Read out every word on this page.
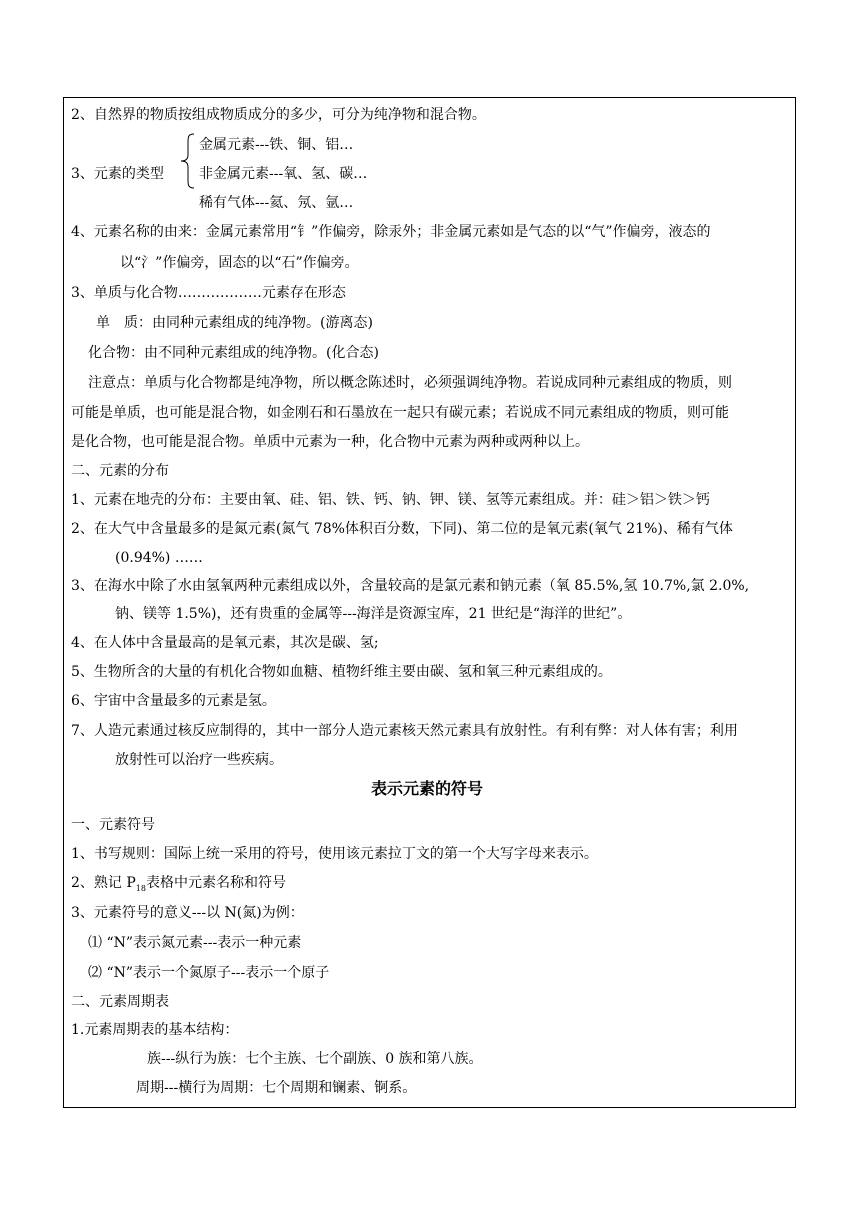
2、自然界的物质按组成物质成分的多少，可分为纯净物和混合物。
金属元素---铁、铜、铝…
3、元素的类型	非金属元素---氧、氢、碳…
稀有气体---氦、氖、氩…
4、元素名称的由来：金属元素常用“钅”作偏旁，除汞外；非金属元素如是气态的以“气”作偏旁，液态的
以“氵”作偏旁，固态的以“石”作偏旁。
3、单质与化合物………………元素存在形态
单　质：由同种元素组成的纯净物。(游离态)
化合物：由不同种元素组成的纯净物。(化合态)
注意点：单质与化合物都是纯净物，所以概念陈述时，必须强调纯净物。若说成同种元素组成的物质，则
可能是单质，也可能是混合物，如金刚石和石墨放在一起只有碳元素；若说成不同元素组成的物质，则可能
是化合物，也可能是混合物。单质中元素为一种，化合物中元素为两种或两种以上。
二、元素的分布
1、元素在地壳的分布：主要由氧、硅、铝、铁、钙、钠、钾、镁、氢等元素组成。并：硅＞铝＞铁＞钙
2、在大气中含量最多的是氮元素(氮气 78%体积百分数，下同)、第二位的是氧元素(氧气 21%)、稀有气体
(0.94%) ……
3、在海水中除了水由氢氧两种元素组成以外，含量较高的是氯元素和钠元素（氧 85.5%,氢 10.7%,氯 2.0%,
钠、镁等 1.5%)，还有贵重的金属等---海洋是资源宝库，21 世纪是“海洋的世纪”。
4、在人体中含量最高的是氧元素，其次是碳、氢;
5、生物所含的大量的有机化合物如血糖、植物纤维主要由碳、氢和氧三种元素组成的。
6、宇宙中含量最多的元素是氢。
7、人造元素通过核反应制得的，其中一部分人造元素核天然元素具有放射性。有利有弊：对人体有害；利用
放射性可以治疗一些疾病。
表示元素的符号
一、元素符号
1、书写规则：国际上统一采用的符号，使用该元素拉丁文的第一个大写字母来表示。
2、熟记 $P_{18}$表格中元素名称和符号
3、元素符号的意义---以 N(氮)为例：
⑴ “N”表示氮元素---表示一种元素
⑵ “N”表示一个氮原子---表示一个原子
二、元素周期表
1.元素周期表的基本结构：
族---纵行为族：七个主族、七个副族、0 族和第八族。
周期---横行为周期：七个周期和镧素、锕系。
